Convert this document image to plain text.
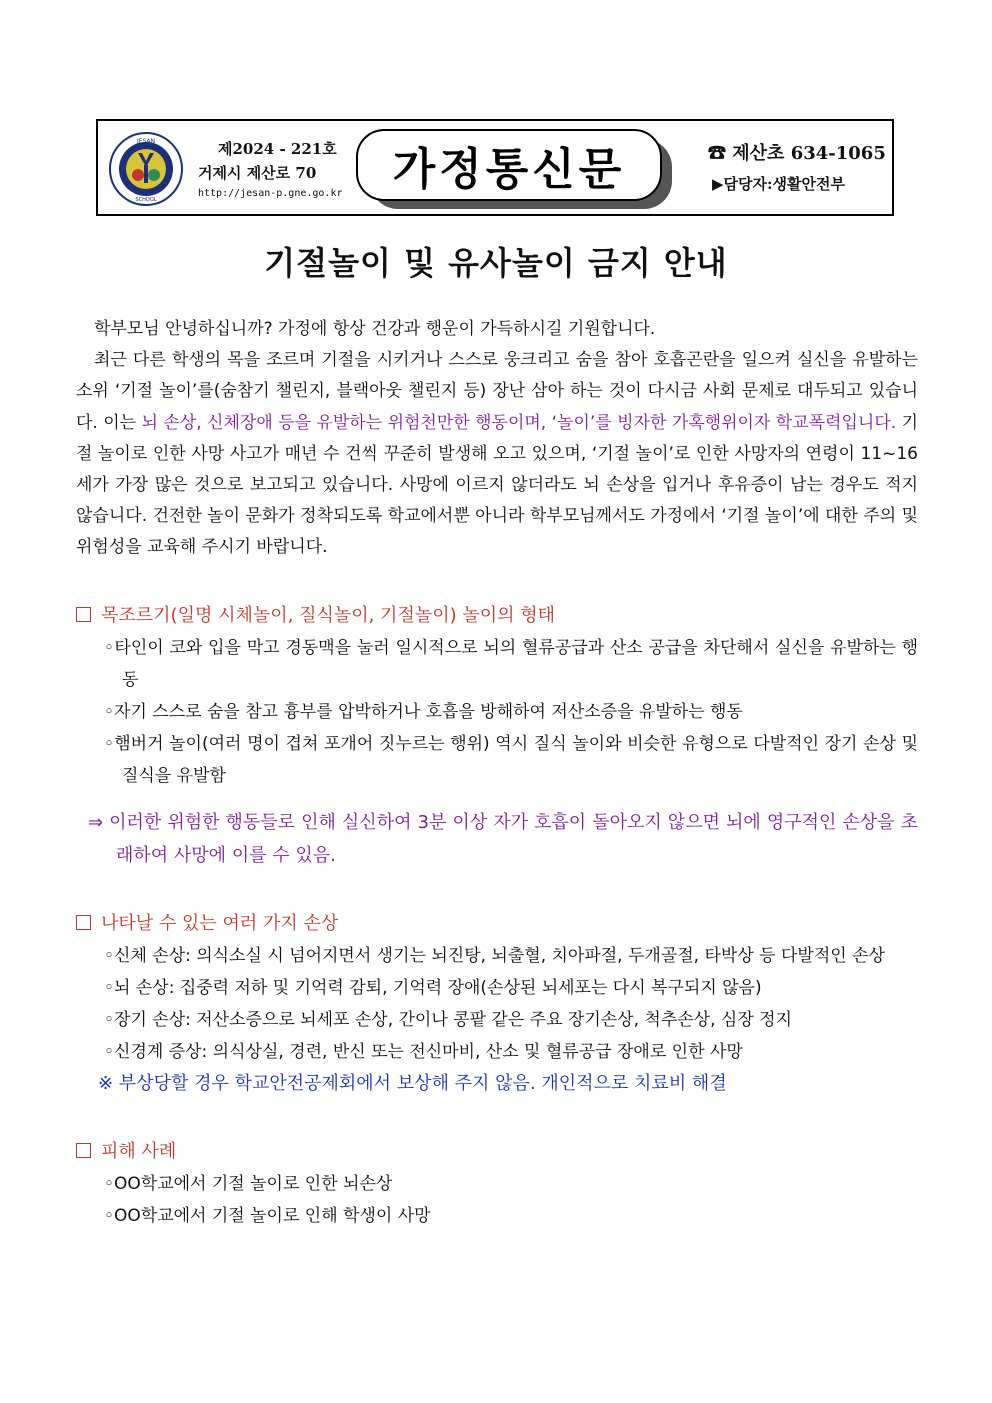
JESAN
SCHOOL
제2024 - 221호
거제시 제산로 70
http://jesan-p.gne.go.kr	가정통신문	☎ 제산초 634-1065
▶담당자:생활안전부
기절놀이 및 유사놀이 금지 안내

학부모님 안녕하십니까? 가정에 항상 건강과 행운이 가득하시길 기원합니다.

최근 다른 학생의 목을 조르며 기절을 시키거나 스스로 웅크리고 숨을 참아 호흡곤란을 일으켜 실신을 유발하는 소위 ‘기절 놀이’를(숨참기 챌린지, 블랙아웃 챌린지 등) 장난 삼아 하는 것이 다시금 사회 문제로 대두되고 있습니다. 이는 뇌 손상, 신체장애 등을 유발하는 위험천만한 행동이며, ‘놀이’를 빙자한 가혹행위이자 학교폭력입니다. 기절 놀이로 인한 사망 사고가 매년 수 건씩 꾸준히 발생해 오고 있으며, ‘기절 놀이’로 인한 사망자의 연령이 11~16세가 가장 많은 것으로 보고되고 있습니다. 사망에 이르지 않더라도 뇌 손상을 입거나 후유증이 남는 경우도 적지 않습니다. 건전한 놀이 문화가 정착되도록 학교에서뿐 아니라 학부모님께서도 가정에서 ‘기절 놀이’에 대한 주의 및 위험성을 교육해 주시기 바랍니다.

목조르기(일명 시체놀이, 질식놀이, 기절놀이) 놀이의 형태

◦타인이 코와 입을 막고 경동맥을 눌러 일시적으로 뇌의 혈류공급과 산소 공급을 차단해서 실신을 유발하는 행동

◦자기 스스로 숨을 참고 흉부를 압박하거나 호흡을 방해하여 저산소증을 유발하는 행동

◦햄버거 놀이(여러 명이 겹쳐 포개어 짓누르는 행위) 역시 질식 놀이와 비슷한 유형으로 다발적인 장기 손상 및 질식을 유발함

⇒ 이러한 위험한 행동들로 인해 실신하여 3분 이상 자가 호흡이 돌아오지 않으면 뇌에 영구적인 손상을 초래하여 사망에 이를 수 있음.

나타날 수 있는 여러 가지 손상

◦신체 손상: 의식소실 시 넘어지면서 생기는 뇌진탕, 뇌출혈, 치아파절, 두개골절, 타박상 등 다발적인 손상

◦뇌 손상: 집중력 저하 및 기억력 감퇴, 기억력 장애(손상된 뇌세포는 다시 복구되지 않음)

◦장기 손상: 저산소증으로 뇌세포 손상, 간이나 콩팥 같은 주요 장기손상, 척추손상, 심장 정지

◦신경계 증상: 의식상실, 경련, 반신 또는 전신마비, 산소 및 혈류공급 장애로 인한 사망

※ 부상당할 경우 학교안전공제회에서 보상해 주지 않음. 개인적으로 치료비 해결

피해 사례

◦OO학교에서 기절 놀이로 인한 뇌손상

◦OO학교에서 기절 놀이로 인해 학생이 사망
